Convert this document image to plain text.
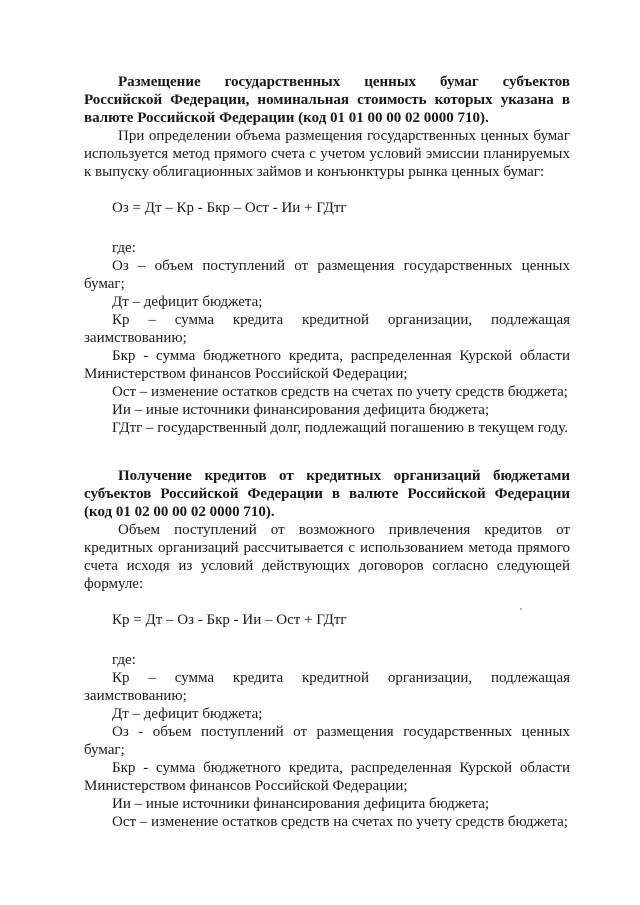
Размещение государственных ценных бумаг субъектов Российской Федерации, номинальная стоимость которых указана в валюте Российской Федерации (код 01 01 00 00 02 0000 710).

При определении объема размещения государственных ценных бумаг используется метод прямого счета с учетом условий эмиссии планируемых к выпуску облигационных займов и конъюнктуры рынка ценных бумаг:

Оз = Дт – Кр - Бкр – Ост - Ии + ГДтг

где:

Оз – объем поступлений от размещения государственных ценных бумаг;

Дт – дефицит бюджета;

Кр – сумма кредита кредитной организации, подлежащая заимствованию;

Бкр - сумма бюджетного кредита, распределенная Курской области Министерством финансов Российской Федерации;

Ост – изменение остатков средств на счетах по учету средств бюджета;

Ии – иные источники финансирования дефицита бюджета;

ГДтг – государственный долг, подлежащий погашению в текущем году.

Получение кредитов от кредитных организаций бюджетами субъектов Российской Федерации в валюте Российской Федерации (код 01 02 00 00 02 0000 710).

Объем поступлений от возможного привлечения кредитов от кредитных организаций рассчитывается с использованием метода прямого счета исходя из условий действующих договоров согласно следующей формуле:

Кр = Дт – Оз - Бкр - Ии – Ост + ГДтг

где:

Кр – сумма кредита кредитной организации, подлежащая заимствованию;

Дт – дефицит бюджета;

Оз - объем поступлений от размещения государственных ценных бумаг;

Бкр - сумма бюджетного кредита, распределенная Курской области Министерством финансов Российской Федерации;

Ии – иные источники финансирования дефицита бюджета;

Ост – изменение остатков средств на счетах по учету средств бюджета;
